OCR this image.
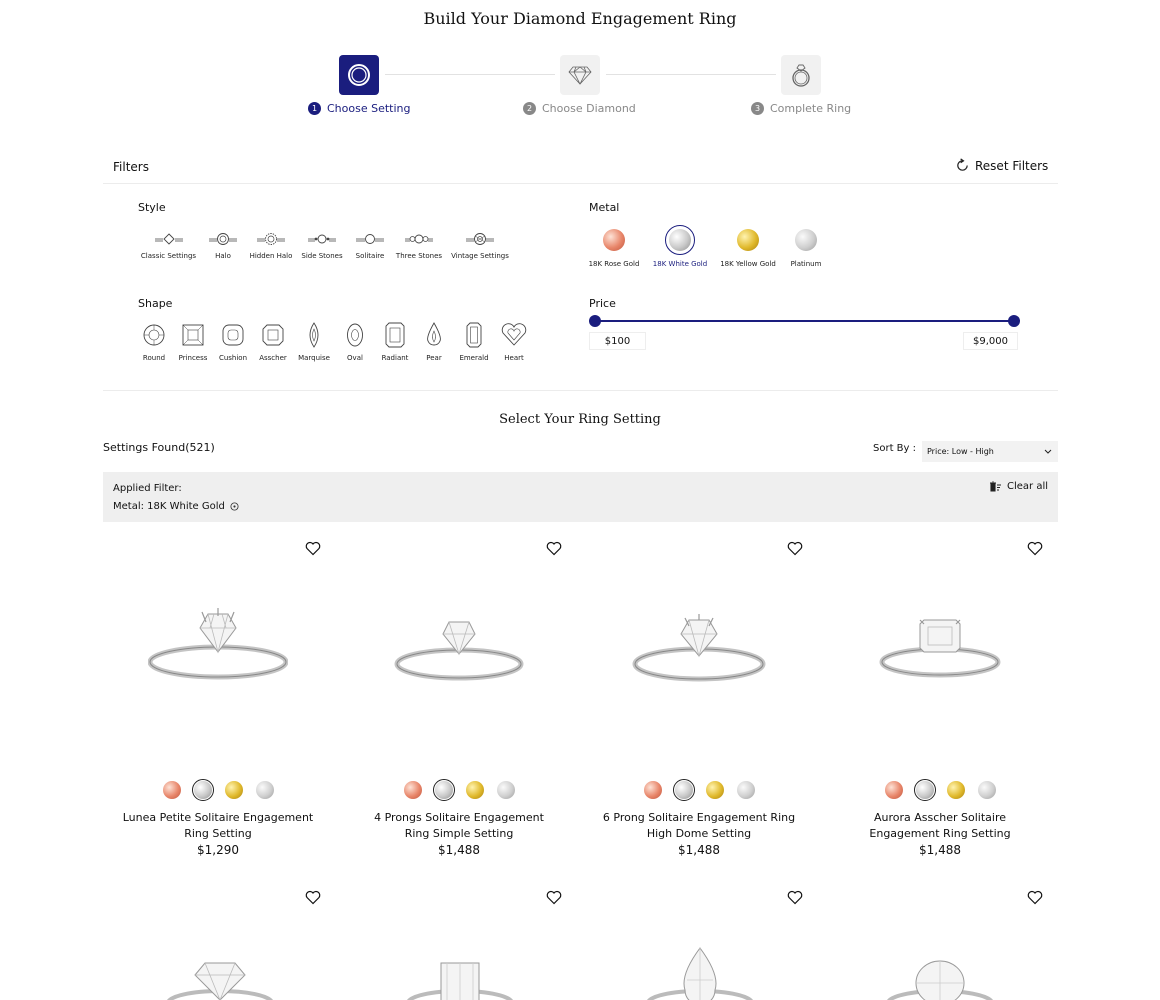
Build Your Diamond Engagement Ring
1 Choose Setting	2 Choose Diamond	3 Complete Ring
Filters	Reset Filters
Style
Classic Settings	Halo	Hidden Halo Side Stones Solitaire Three Stones Vintage Settings
Shape
Round Princess Cushion Asscher Marquise Oval	Radiant	Pear	Emerald Heart
Metal
18K Rose Gold 18K White Gold 18K Yellow Gold Platinum
Price
$100	$9,000
Select Your Ring Setting
Settings Found(521)	Sort By : Price: Low - High
Applied Filter:
Metal: 18K White Gold
Clear all
Lunea Petite Solitaire Engagement
Ring Setting
$1,290
4 Prongs Solitaire Engagement
Ring Simple Setting
$1,488
6 Prong Solitaire Engagement Ring
High Dome Setting
$1,488
Aurora Asscher Solitaire
Engagement Ring Setting
$1,488
